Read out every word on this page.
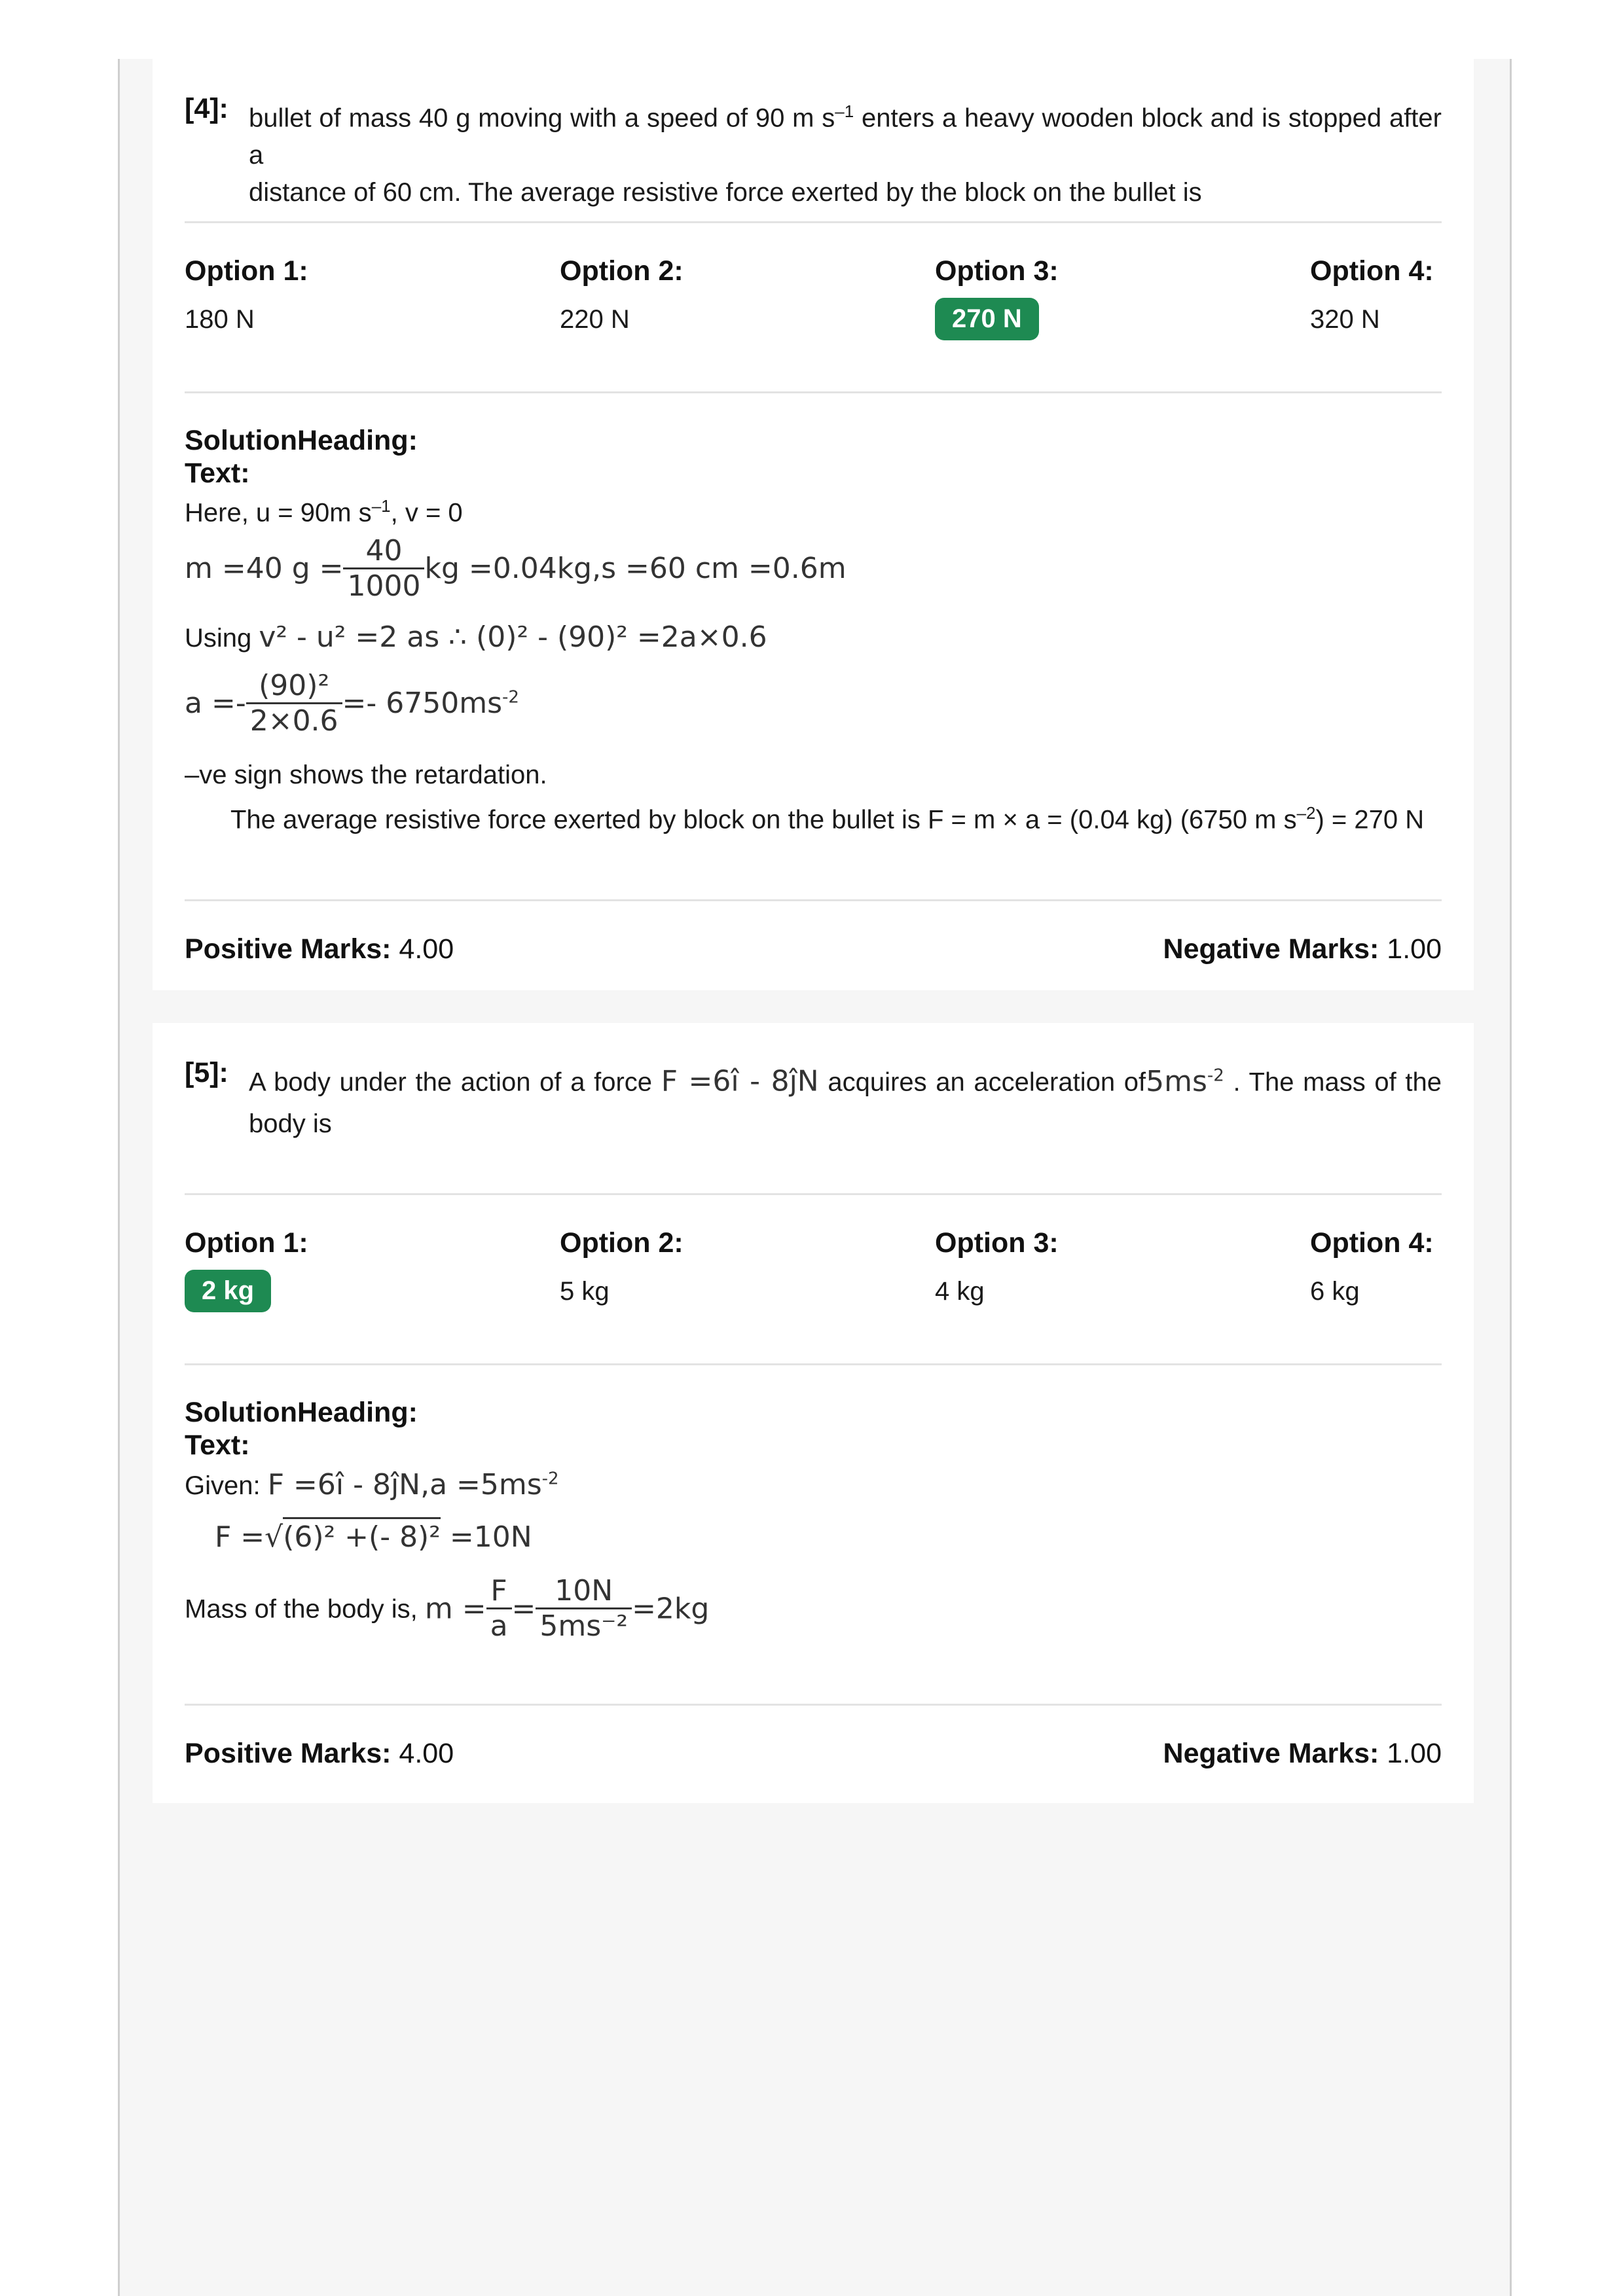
[4]: bullet of mass 40 g moving with a speed of 90 m $s^{-1}$ enters a heavy wooden block and is stopped after a
distance of 60 cm. The average resistive force exerted by the block on the bullet is
Option 1:
180 N
Option 2:
220 N
Option 3:
270 N
Option 4:
320 N
SolutionHeading:
Text:
Here, u = 90m $s^{-1}$, v = 0
m =40 $g = \frac{40}{1000}$ kg =0.04kg,s =60 cm =0.6m
Using v² - u² =2 as ∴ (0)² - (90)² =2a×0.6
$a =- \frac{\text{(90)²}}{2\times 0.6} =- 6750ms^{-2}$
–ve sign shows the retardation.
The average resistive force exerted by block on the bullet is F = m × a = (0.04 kg) (6750 m $s^{-2}) = 270$ N
Positive Marks: 4.00	Negative Marks: 1.00
[5]: A body under the action of a force F =6î - 8ĵN acquires an acceleration $of5ms^{-2}$ . The mass of the
body is
Option 1:
2 kg
Option 2:
5 kg
Option 3:
4 kg
Option 4:
6 kg
SolutionHeading:
Text:
Given: F =6î - 8ĵN,a $=5ms^{-2}$
F =√(6)² +(- 8)² =10N
Mass of the body is, $m = \frac{F}{a} = \frac{10N}{\text{5ms⁻²}} =2kg$
Positive Marks: 4.00	Negative Marks: 1.00
